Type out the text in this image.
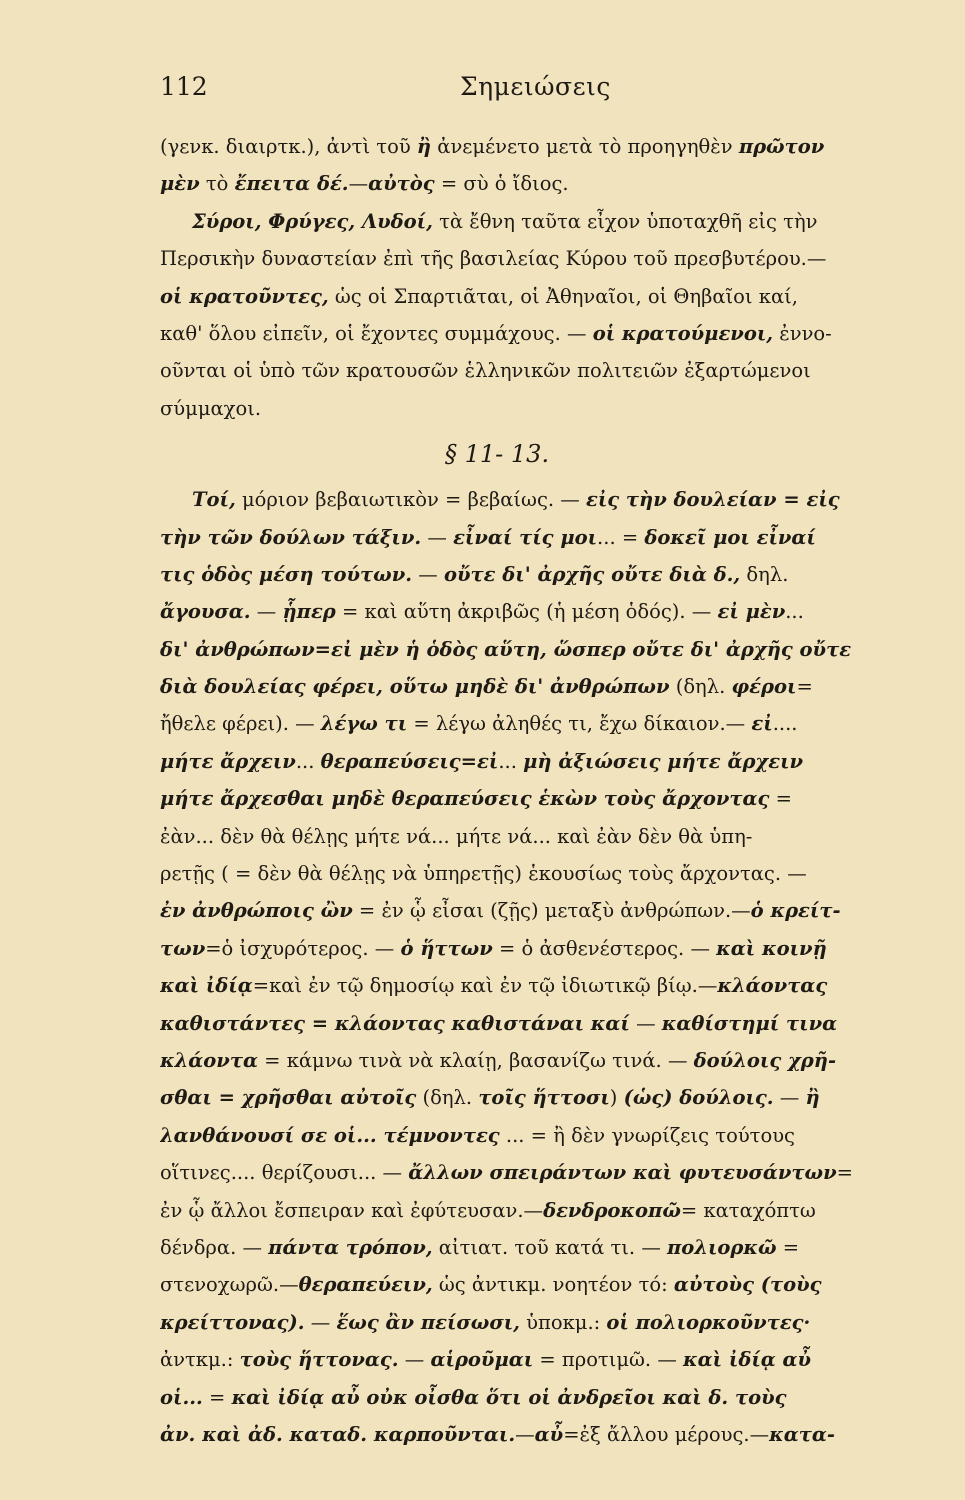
112	Σημειώσεις
(γενκ. διαιρτκ.), ἀντὶ τοῦ ἢ ἀνεμένετο μετὰ τὸ προηγηθὲν πρῶτον
μὲν τὸ ἔπειτα δέ.—αὐτὸς = σὺ ὁ ἴδιος.
Σύροι, Φρύγες, Λυδοί, τὰ ἔθνη ταῦτα εἶχον ὑποταχθῆ εἰς τὴν
Περσικὴν δυναστείαν ἐπὶ τῆς βασιλείας Κύρου τοῦ πρεσβυτέρου.—
οἱ κρατοῦντες, ὡς οἱ Σπαρτιᾶται, οἱ Ἀθηναῖοι, οἱ Θηβαῖοι καί,
καθ' ὅλου εἰπεῖν, οἱ ἔχοντες συμμάχους. — οἱ κρατούμενοι, ἐννο-
οῦνται οἱ ὑπὸ τῶν κρατουσῶν ἑλληνικῶν πολιτειῶν ἐξαρτώμενοι
σύμμαχοι.
§ 11- 13.
Τοί, μόριον βεβαιωτικὸν = βεβαίως. — εἰς τὴν δουλείαν = εἰς
τὴν τῶν δούλων τάξιν. — εἶναί τίς μοι... = δοκεῖ μοι εἶναί
τις ὁδὸς μέση τούτων. — οὔτε δι' ἀρχῆς οὔτε διὰ δ., δηλ.
ἄγουσα. — ᾗπερ = καὶ αὕτη ἀκριβῶς (ἡ μέση ὁδός). — εἰ μὲν...
δι' ἀνθρώπων=εἰ μὲν ἡ ὁδὸς αὕτη, ὥσπερ οὔτε δι' ἀρχῆς οὔτε
διὰ δουλείας φέρει, οὕτω μηδὲ δι' ἀνθρώπων (δηλ. φέροι=
ἤθελε φέρει). — λέγω τι = λέγω ἀληθές τι, ἔχω δίκαιον.— εἰ....
μήτε ἄρχειν... θεραπεύσεις=εἰ... μὴ ἀξιώσεις μήτε ἄρχειν
μήτε ἄρχεσθαι μηδὲ θεραπεύσεις ἑκὼν τοὺς ἄρχοντας =
ἐὰν... δὲν θὰ θέλῃς μήτε νά... μήτε νά... καὶ ἐὰν δὲν θὰ ὑπη-
ρετῇς ( = δὲν θὰ θέλῃς νὰ ὑπηρετῇς) ἑκουσίως τοὺς ἄρχοντας. —
ἐν ἀνθρώποις ὢν = ἐν ᾧ εἶσαι (ζῇς) μεταξὺ ἀνθρώπων.—ὁ κρείτ-
των=ὁ ἰσχυρότερος. — ὁ ἥττων = ὁ ἀσθενέστερος. — καὶ κοινῇ
καὶ ἰδίᾳ=καὶ ἐν τῷ δημοσίῳ καὶ ἐν τῷ ἰδιωτικῷ βίῳ.—κλάοντας
καθιστάντες = κλάοντας καθιστάναι καί — καθίστημί τινα
κλάοντα = κάμνω τινὰ νὰ κλαίῃ, βασανίζω τινά. — δούλοις χρῆ-
σθαι = χρῆσθαι αὐτοῖς (δηλ. τοῖς ἥττοσι) (ὡς) δούλοις. — ἢ
λανθάνουσί σε οἱ... τέμνοντες ... = ἢ δὲν γνωρίζεις τούτους
οἵτινες.... θερίζουσι... — ἄλλων σπειράντων καὶ φυτευσάντων=
ἐν ᾧ ἄλλοι ἔσπειραν καὶ ἐφύτευσαν.—δενδροκοπῶ= καταχόπτω
δένδρα. — πάντα τρόπον, αἰτιατ. τοῦ κατά τι. — πολιορκῶ =
στενοχωρῶ.—θεραπεύειν, ὡς ἀντικμ. νοητέον τό: αὐτοὺς (τοὺς
κρείττονας). — ἕως ἂν πείσωσι, ὑποκμ.: οἱ πολιορκοῦντες·
ἀντκμ.: τοὺς ἥττονας. — αἱροῦμαι = προτιμῶ. — καὶ ἰδίᾳ αὖ
οἱ... = καὶ ἰδίᾳ αὖ οὐκ οἶσθα ὅτι οἱ ἀνδρεῖοι καὶ δ. τοὺς
ἀν. καὶ ἀδ. καταδ. καρποῦνται.—αὖ=ἐξ ἄλλου μέρους.—κατα-
